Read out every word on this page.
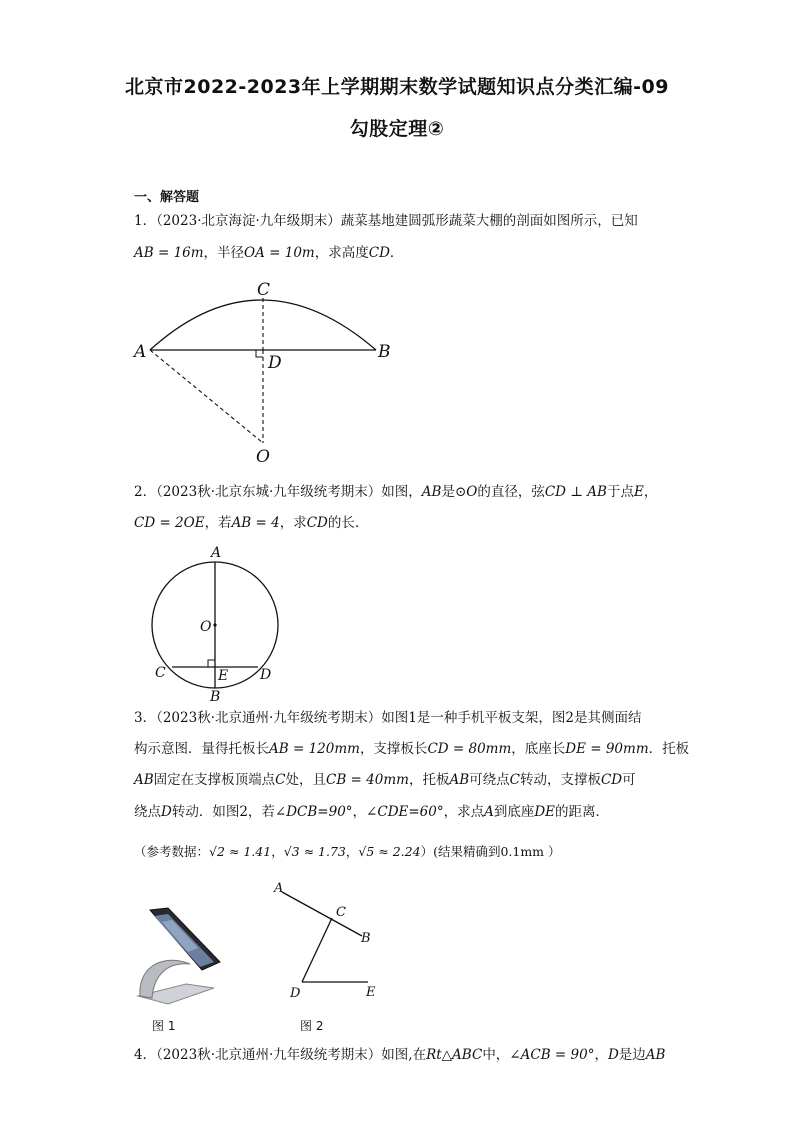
北京市2022-2023年上学期期末数学试题知识点分类汇编-09
勾股定理②
一、解答题
1．（2023·北京海淀·九年级期末）蔬菜基地建圆弧形蔬菜大棚的剖面如图所示，已知
AB = 16m，半径OA = 10m，求高度CD．
C
A	B
D
O
2．（2023秋·北京东城·九年级统考期末）如图，AB是⊙O的直径，弦CD ⊥ AB于点E，
CD = 2OE，若AB = 4，求CD的长.
A
O
C	E D
B
3．（2023秋·北京通州·九年级统考期末）如图1是一种手机平板支架，图2是其侧面结
构示意图．量得托板长AB = 120mm，支撑板长CD = 80mm，底座长DE = 90mm．托板
AB固定在支撑板顶端点C处，且CB = 40mm，托板AB可绕点C转动，支撑板CD可
绕点D转动．如图2，若∠DCB=90°，∠CDE=60°，求点A到底座DE的距离．
（参考数据：√2 ≈ 1.41，√3 ≈ 1.73，√5 ≈ 2.24）(结果精确到0.1mm ）
图 1
A
C
B
D	E
图 2
4．（2023秋·北京通州·九年级统考期末）如图,在Rt△ABC中，∠ACB = 90°，D是边AB
